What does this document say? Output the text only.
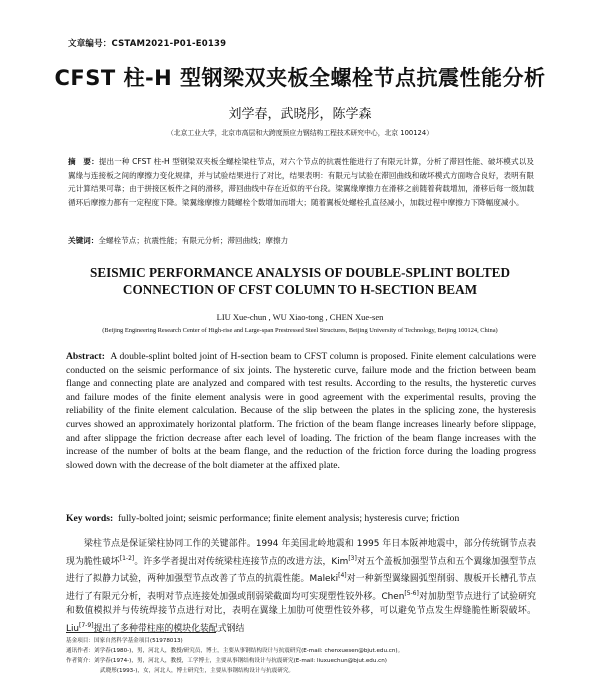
文章编号：CSTAM2021-P01-E0139
CFST 柱-H 型钢梁双夹板全螺栓节点抗震性能分析
刘学春，武晓彤，陈学森
（北京工业大学，北京市高层和大跨度预应力钢结构工程技术研究中心，北京 100124）
摘　要：提出一种 CFST 柱-H 型钢梁双夹板全螺栓梁柱节点，对六个节点的抗震性能进行了有限元计算，分析了滞回性能、破坏模式以及翼缘与连接板之间的摩擦力变化规律，并与试验结果进行了对比，结果表明：有限元与试验在滞回曲线和破坏模式方面吻合良好，表明有限元计算结果可靠；由于拼接区板件之间的滑移，滞回曲线中存在近似的平台段。梁翼缘摩擦力在滑移之前随着荷载增加，滑移后每一级加载循环后摩擦力都有一定程度下降。梁翼缘摩擦力随螺栓个数增加而增大；随着翼板处螺栓孔直径减小，加载过程中摩擦力下降幅度减小。
关键词：全螺栓节点；抗震性能；有限元分析；滞回曲线；摩擦力
SEISMIC PERFORMANCE ANALYSIS OF DOUBLE-SPLINT BOLTED
CONNECTION OF CFST COLUMN TO H-SECTION BEAM
LIU Xue-chun , WU Xiao-tong , CHEN Xue-sen
(Beijing Engineering Research Center of High-rise and Large-span Prestressed Steel Structures, Beijing University of Technology, Beijing 100124, China)
Abstract: A double-splint bolted joint of H-section beam to CFST column is proposed. Finite element calculations were conducted on the seismic performance of six joints. The hysteretic curve, failure mode and the friction between beam flange and connecting plate are analyzed and compared with test results. According to the results, the hysteretic curves and failure modes of the finite element analysis were in good agreement with the experimental results, proving the reliability of the finite element calculation. Because of the slip between the plates in the splicing zone, the hysteresis curves showed an approximately horizontal platform. The friction of the beam flange increases linearly before slippage, and after slippage the friction decrease after each level of loading. The friction of the beam flange increases with the increase of the number of bolts at the beam flange, and the reduction of the friction force during the loading progress slowed down with the decrease of the bolt diameter at the affixed plate.
Key words: fully-bolted joint; seismic performance; finite element analysis; hysteresis curve; friction
梁柱节点是保证梁柱协同工作的关键部件。1994 年美国北岭地震和 1995 年日本阪神地震中，部分传统钢节点表现为脆性破坏[1-2]。许多学者提出对传统梁柱连接节点的改进方法，Kim[3]对五个盖板加强型节点和五个翼缘加强型节点进行了拟静力试验，两种加强型节点改善了节点的抗震性能。Maleki[4]对一种新型翼缘圆弧型削弱、腹板开长槽孔节点进行了有限元分析，表明对节点连接处加强或削弱梁截面均可实现塑性铰外移。Chen[5-6]对加肋型节点进行了试验研究和数值模拟并与传统焊接节点进行对比，表明在翼缘上加肋可使塑性铰外移，可以避免节点发生焊缝脆性断裂破坏。Liu[7-9]提出了多种带柱座的模块化装配式钢结
基金项目：国家自然科学基金项目(51978013)
通讯作者：刘学春(1980-)，男，河北人，教授/研究员，博士，主要从事钢结构设计与抗震研究(E-mail: chenxuesen@bjut.edu.cn)。
作者简介：刘学春(1974-)，男，河北人，教授，工学博士，主要从事钢结构设计与抗震研究(E-mail: liuxuechun@bjut.edu.cn)
武晓彤(1993-)，女，河北人，博士研究生，主要从事钢结构设计与抗震研究。
